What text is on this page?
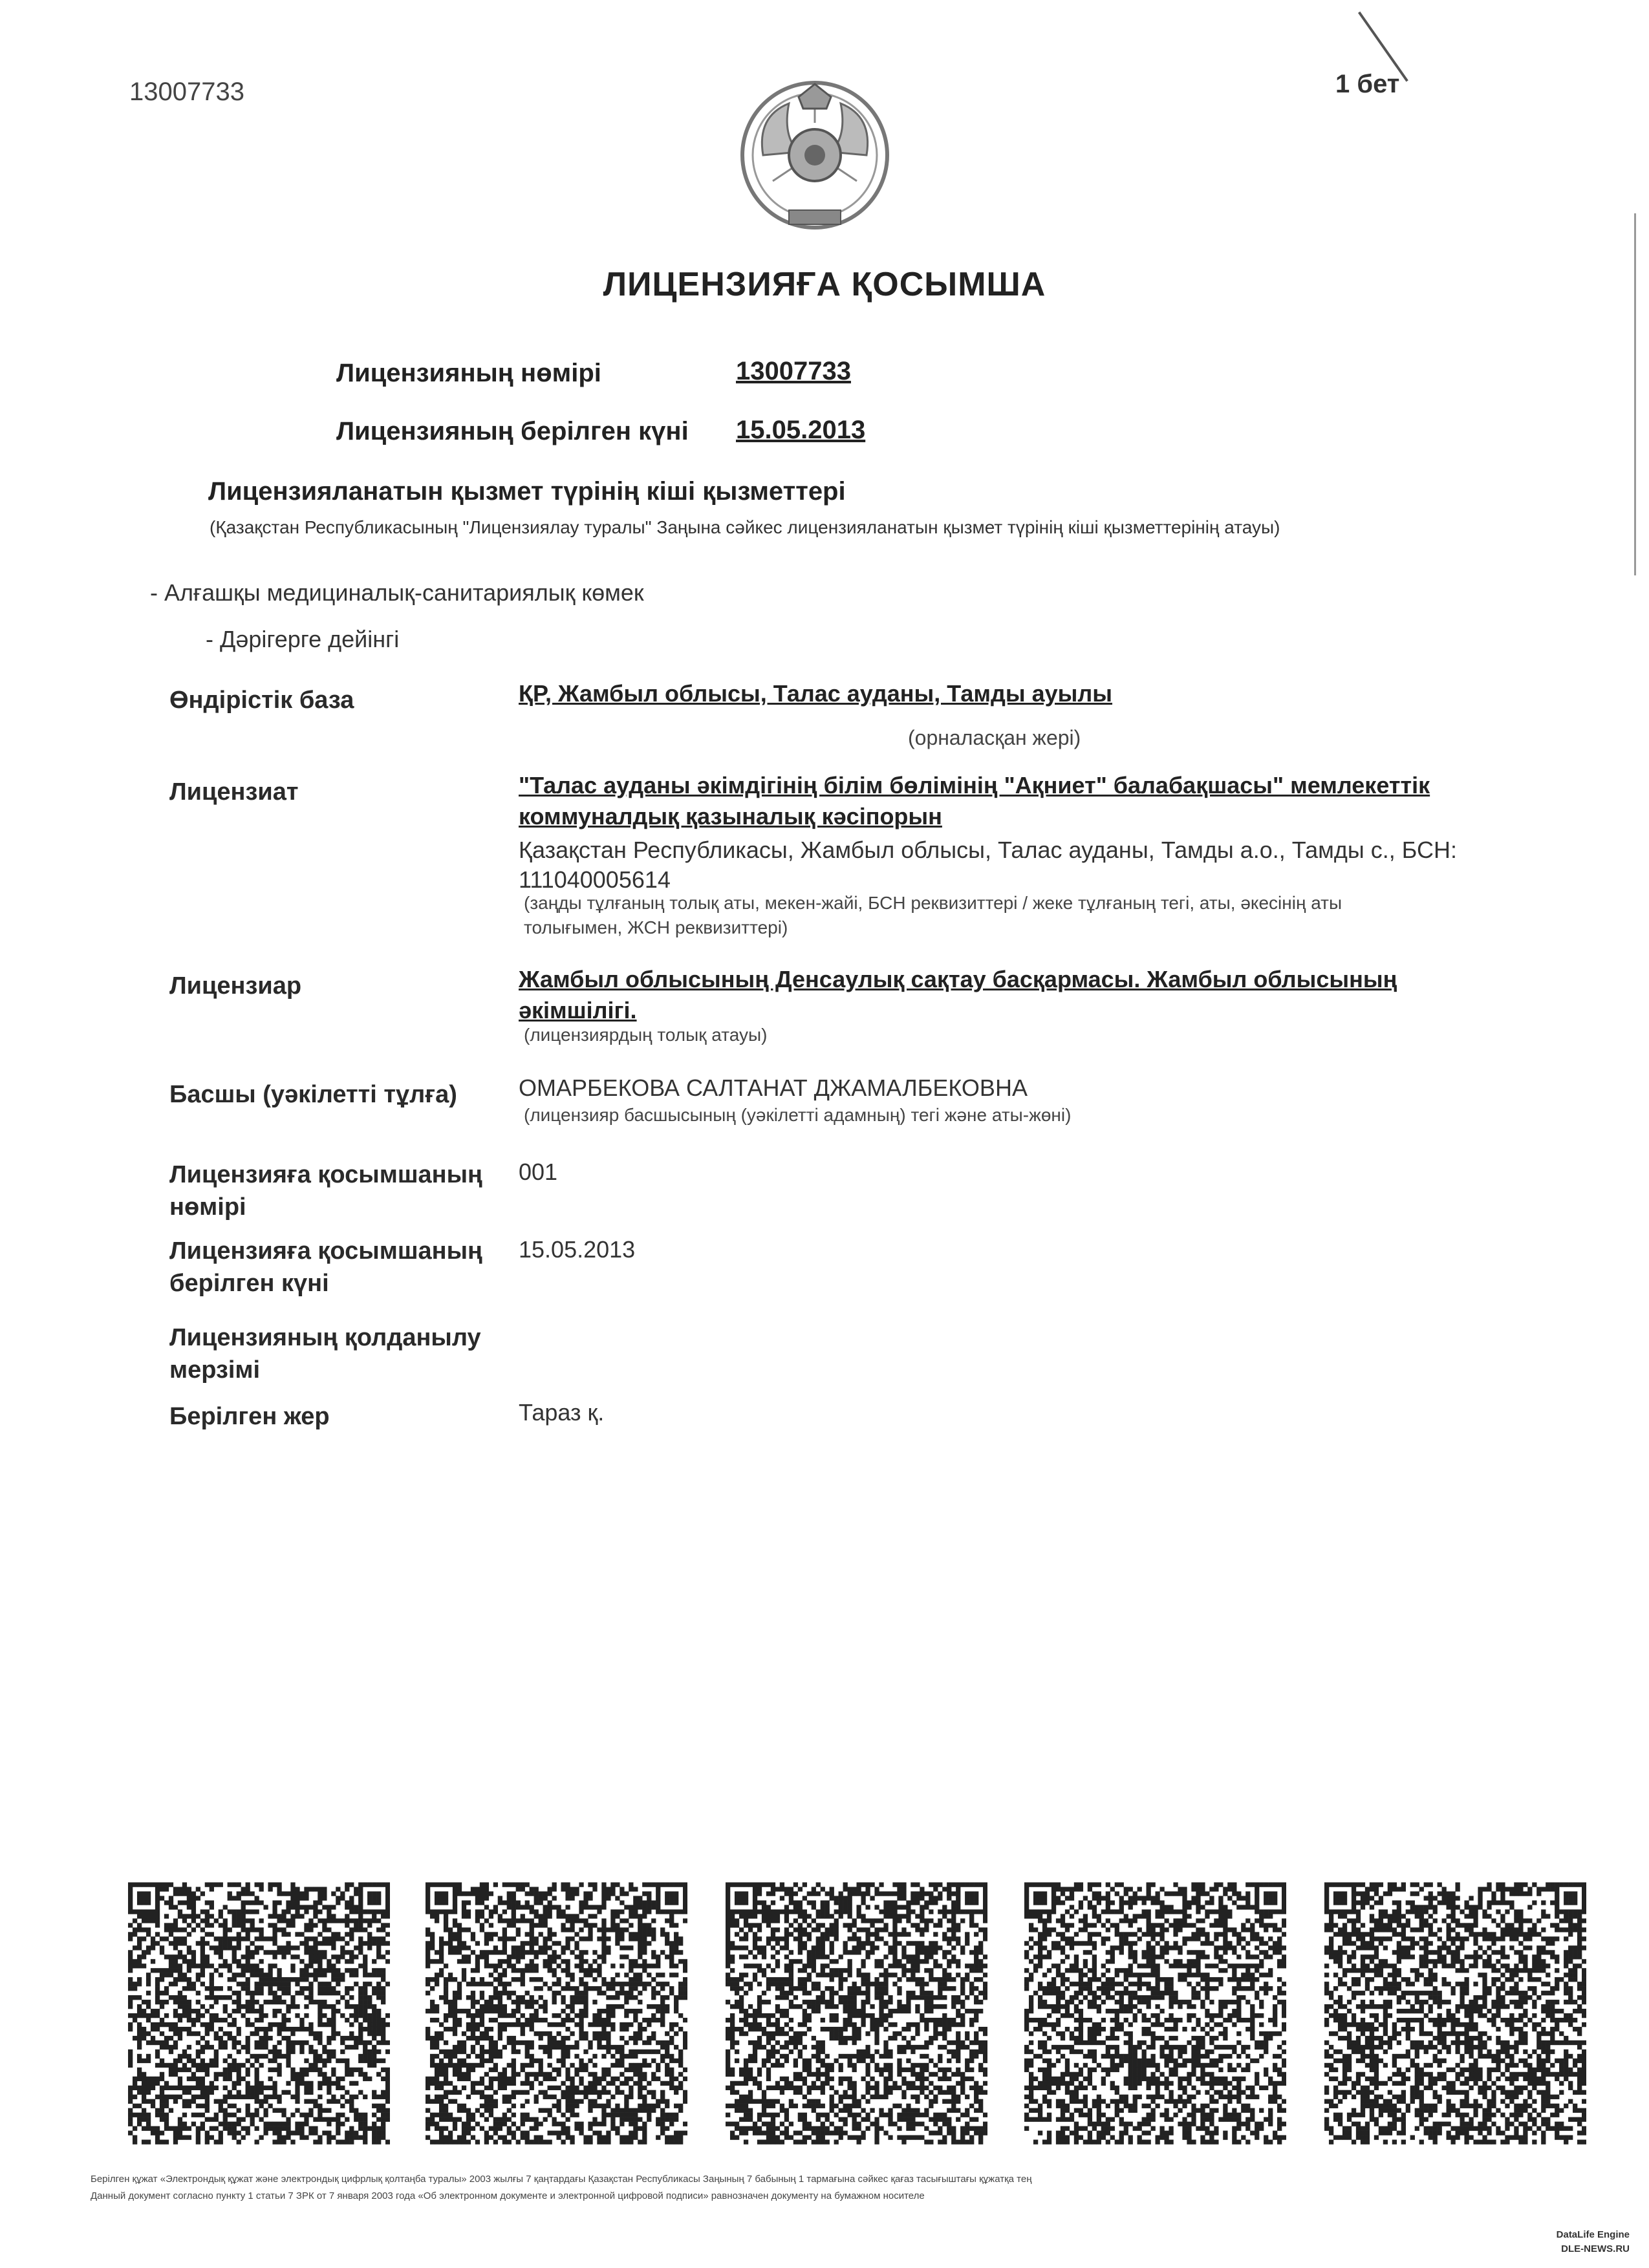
13007733	1 бет
ЛИЦЕНЗИЯҒА ҚОСЫМША
Лицензияның нөмірі	13007733
Лицензияның берілген күні 15.05.2013
Лицензияланатын қызмет түрінің кіші қызметтері
(Қазақстан Республикасының "Лицензиялау туралы" Заңына сәйкес лицензияланатын қызмет түрінің кіші қызметтерінің атауы)
- Алғашқы медициналық-санитариялық көмек
- Дәрігерге дейінгі
Өндірістік база	ҚР, Жамбыл облысы, Талас ауданы, Тамды ауылы
(орналасқан жері)
Лицензиат	"Талас ауданы әкімдігінің білім бөлімінің "Ақниет" балабақшасы" мемлекеттік
коммуналдық қазыналық кәсіпорын
Қазақстан Республикасы, Жамбыл облысы, Талас ауданы, Тамды а.о., Тамды с., БСН:
111040005614
(заңды тұлғаның толық аты, мекен-жайі, БСН реквизиттері / жеке тұлғаның тегі, аты, әкесінің аты
толығымен, ЖСН реквизиттері)
Лицензиар	Жамбыл облысының Денсаулық сақтау басқармасы. Жамбыл облысының
әкімшілігі.
(лицензиярдың толық атауы)
Басшы (уәкілетті тұлға)	ОМАРБЕКОВА САЛТАНАТ ДЖАМАЛБЕКОВНА
(лицензияр басшысының (уәкілетті адамның) тегі және аты-жөні)
Лицензияға қосымшаның
нөмірі
001
Лицензияға қосымшаның
берілген күні
15.05.2013
Лицензияның қолданылу
мерзімі
Берілген жер	Тараз қ.
Берілген құжат «Электрондық құжат және электрондық цифрлық қолтаңба туралы» 2003 жылғы 7 қаңтардағы Қазақстан Республикасы Заңының 7 бабының 1 тармағына сәйкес қағаз тасығыштағы құжатқа тең
Данный документ согласно пункту 1 статьи 7 ЗРК от 7 января 2003 года «Об электронном документе и электронной цифровой подписи» равнозначен документу на бумажном носителе
DataLife Engine
DLE-NEWS.RU
